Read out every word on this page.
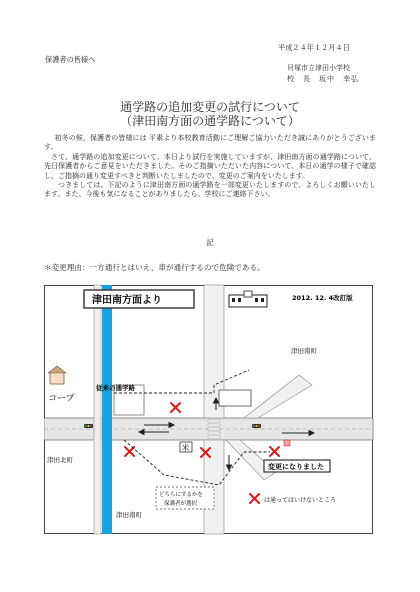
平成２４年１２月４日
保護者の皆様へ
貝塚市立津田小学校
校　長　坂中　幸弘
通学路の追加変更の試行について
（津田南方面の通学路について）

初冬の候、保護者の皆様には 平素より本校教育活動にご理解ご協力いただき誠にありがとうございます。

さて、通学路の追加変更について、本日より試行を実施していますが、津田南方面の通学路について、先日保護者からご意見をいただきました。そのご指摘いただいた内容について、本日の通学の様子で確認し、ご指摘の通り変更すべきと判断いたしましたので、変更のご案内をいたします。

つきましては、下記のように津田南方面の通学路を一部変更いたしますので、よろしくお願いいたします。また、今後も気になることがありましたら、学校にご連絡下さい。

記
＊変更理由：一方通行とはいえ、車が通行するので危険である。
津田南方面より	2012. 12. 4改訂版
津田南町
コープ
従来の通学路
米
津田北町
津田南町
変更になりました
どちらにするかを
保護者が選択	は通ってはいけないところ
